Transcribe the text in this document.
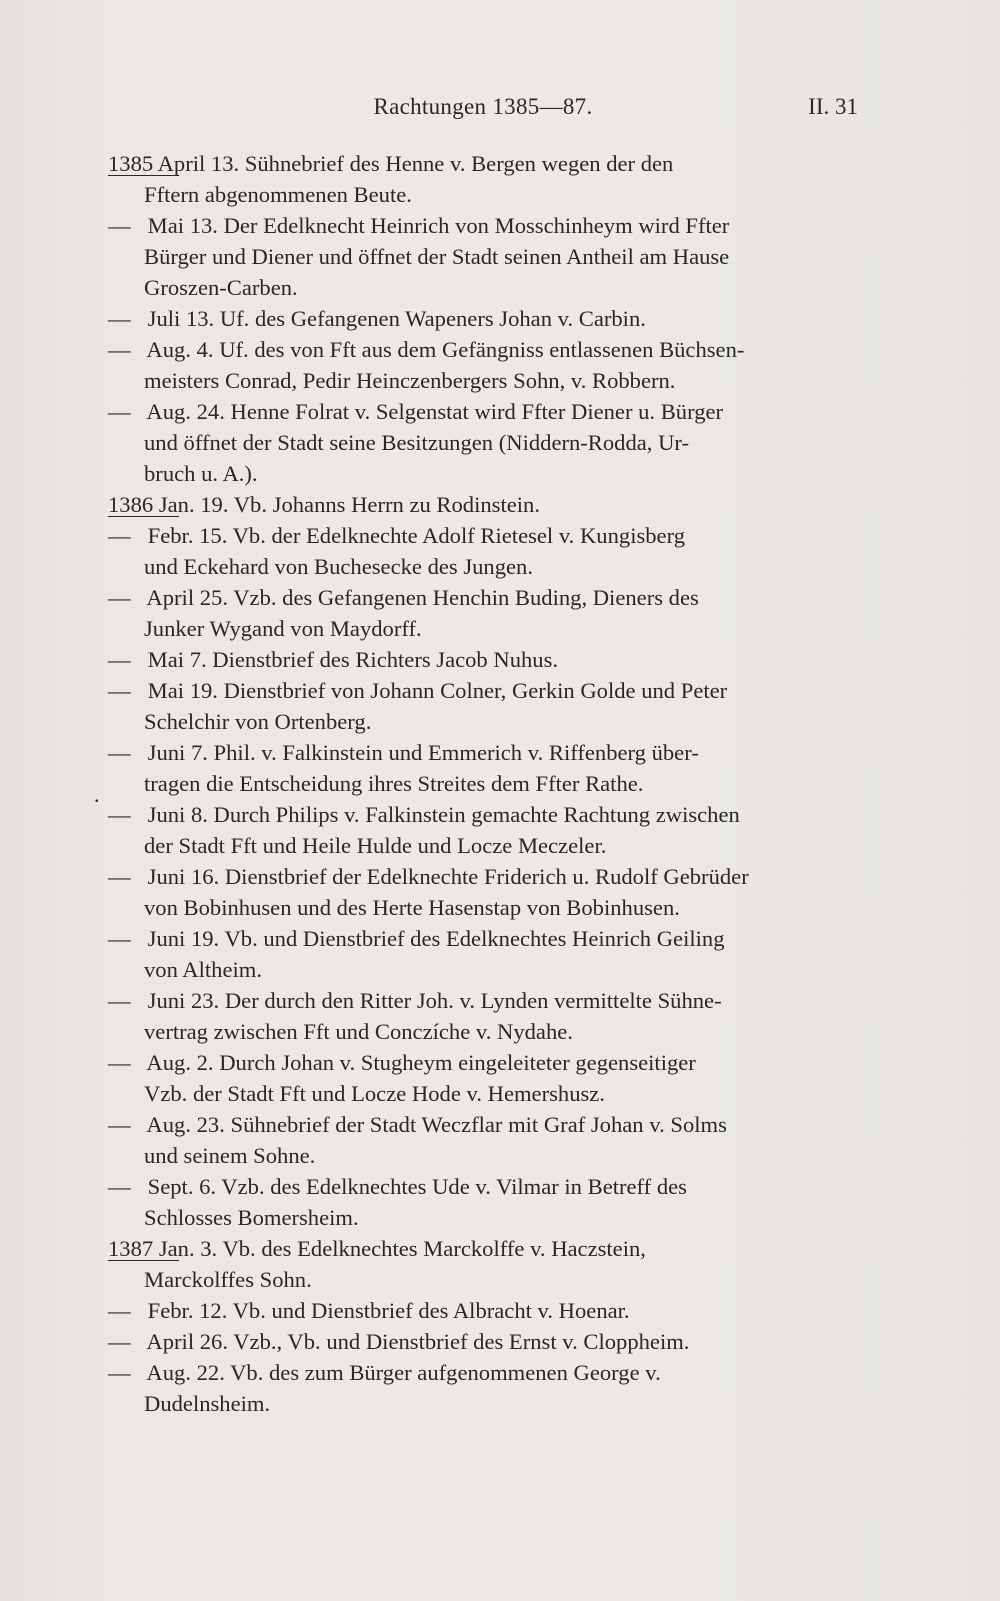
Rachtungen 1385—87.	II. 31
1385 April 13. Sühnebrief des Henne v. Bergen wegen der den
Fftern abgenommenen Beute.
— Mai 13. Der Edelknecht Heinrich von Mosschinheym wird Ffter
Bürger und Diener und öffnet der Stadt seinen Antheil am Hause
Groszen-Carben.
— Juli 13. Uf. des Gefangenen Wapeners Johan v. Carbin.
— Aug. 4. Uf. des von Fft aus dem Gefängniss entlassenen Büchsen-
meisters Conrad, Pedir Heinczenbergers Sohn, v. Robbern.
— Aug. 24. Henne Folrat v. Selgenstat wird Ffter Diener u. Bürger
und öffnet der Stadt seine Besitzungen (Niddern-Rodda, Ur-
bruch u. A.).
1386 Jan. 19. Vb. Johanns Herrn zu Rodinstein.
— Febr. 15. Vb. der Edelknechte Adolf Rietesel v. Kungisberg
und Eckehard von Buchesecke des Jungen.
— April 25. Vzb. des Gefangenen Henchin Buding, Dieners des
Junker Wygand von Maydorff.
— Mai 7. Dienstbrief des Richters Jacob Nuhus.
— Mai 19. Dienstbrief von Johann Colner, Gerkin Golde und Peter
Schelchir von Ortenberg.
— Juni 7. Phil. v. Falkinstein und Emmerich v. Riffenberg über-
tragen die Entscheidung ihres Streites dem Ffter Rathe.
— Juni 8. Durch Philips v. Falkinstein gemachte Rachtung zwischen
der Stadt Fft und Heile Hulde und Locze Meczeler.
— Juni 16. Dienstbrief der Edelknechte Friderich u. Rudolf Gebrüder
von Bobinhusen und des Herte Hasenstap von Bobinhusen.
— Juni 19. Vb. und Dienstbrief des Edelknechtes Heinrich Geiling
von Altheim.
— Juni 23. Der durch den Ritter Joh. v. Lynden vermittelte Sühne-
vertrag zwischen Fft und Conczíche v. Nydahe.
— Aug. 2. Durch Johan v. Stugheym eingeleiteter gegenseitiger
Vzb. der Stadt Fft und Locze Hode v. Hemershusz.
— Aug. 23. Sühnebrief der Stadt Weczflar mit Graf Johan v. Solms
und seinem Sohne.
— Sept. 6. Vzb. des Edelknechtes Ude v. Vilmar in Betreff des
Schlosses Bomersheim.
1387 Jan. 3. Vb. des Edelknechtes Marckolffe v. Haczstein,
Marckolffes Sohn.
— Febr. 12. Vb. und Dienstbrief des Albracht v. Hoenar.
— April 26. Vzb., Vb. und Dienstbrief des Ernst v. Cloppheim.
— Aug. 22. Vb. des zum Bürger aufgenommenen George v.
Dudelnsheim.
.
